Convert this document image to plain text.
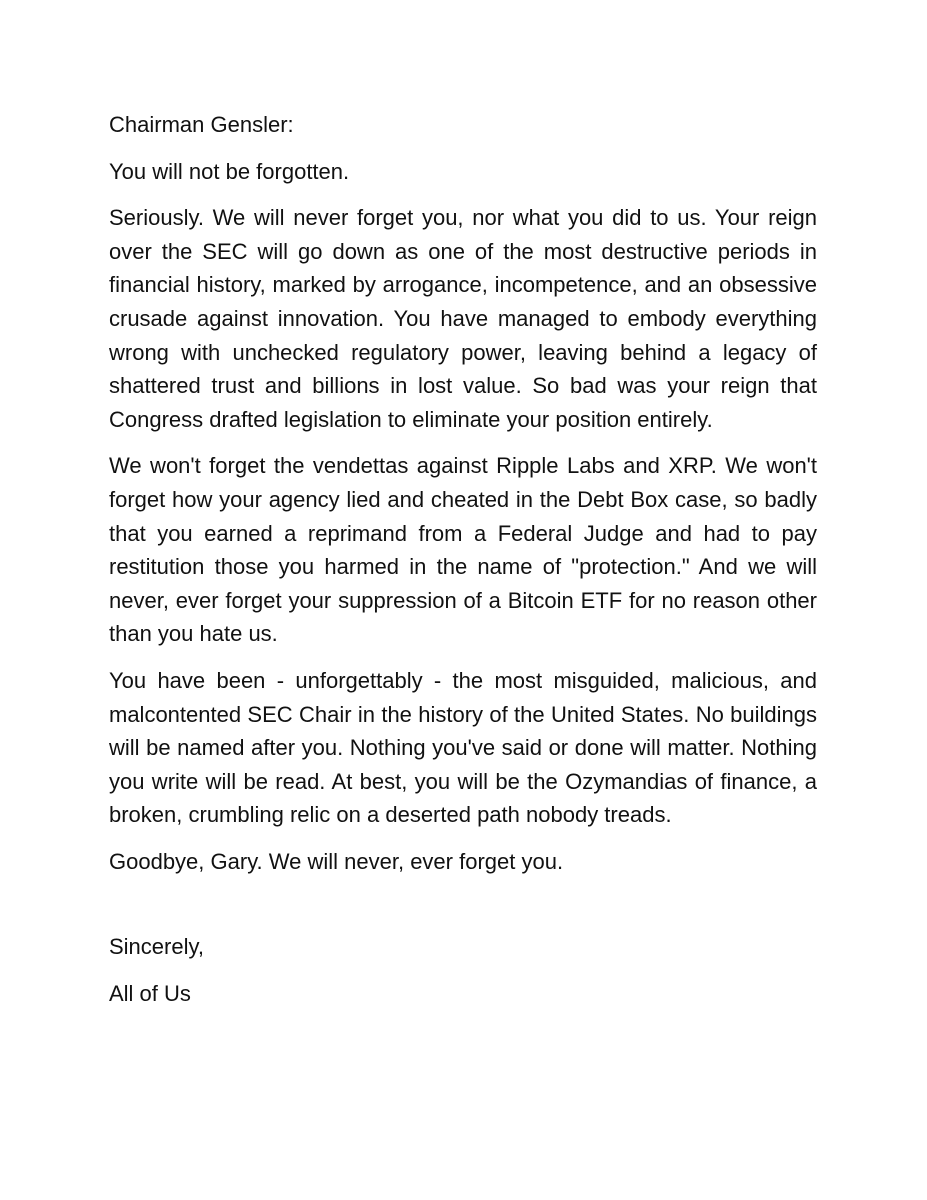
Chairman Gensler:

You will not be forgotten.

Seriously. We will never forget you, nor what you did to us. Your reign over the SEC will go down as one of the most destructive periods in financial history, marked by arrogance, incompetence, and an obsessive crusade against innovation. You have managed to embody everything wrong with unchecked regulatory power, leaving behind a legacy of shattered trust and billions in lost value. So bad was your reign that Congress drafted legislation to eliminate your position entirely.

We won't forget the vendettas against Ripple Labs and XRP. We won't forget how your agency lied and cheated in the Debt Box case, so badly that you earned a reprimand from a Federal Judge and had to pay restitution those you harmed in the name of "protection." And we will never, ever forget your suppression of a Bitcoin ETF for no reason other than you hate us.

You have been - unforgettably - the most misguided, malicious, and malcontented SEC Chair in the history of the United States. No buildings will be named after you. Nothing you've said or done will matter. Nothing you write will be read. At best, you will be the Ozymandias of finance, a broken, crumbling relic on a deserted path nobody treads.

Goodbye, Gary. We will never, ever forget you.

Sincerely,

All of Us
